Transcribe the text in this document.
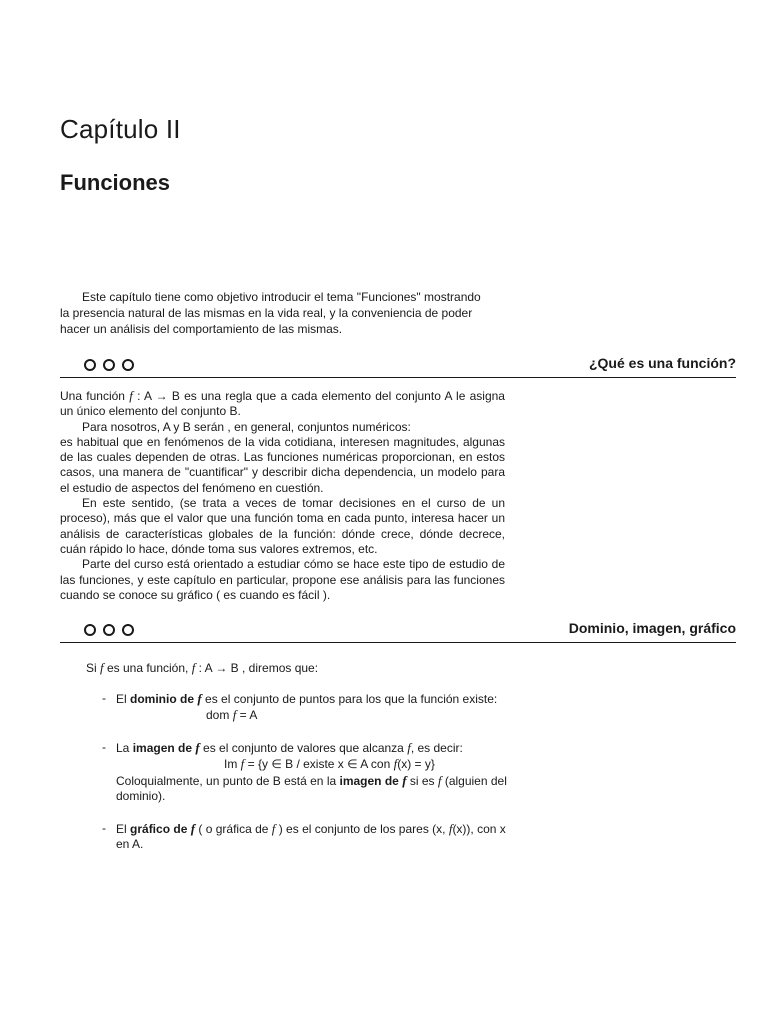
Capítulo II
Funciones
Este capítulo tiene como objetivo introducir el tema "Funciones" mostrando
la presencia natural de las mismas en la vida real, y la conveniencia de poder
hacer un análisis del comportamiento de las mismas.
¿Qué es una función?

Una función f : A → B es una regla que a cada elemento del conjunto A le asigna un único elemento del conjunto B.

Para nosotros, A y B serán , en general, conjuntos numéricos:

es habitual que en fenómenos de la vida cotidiana, interesen magnitudes, algunas de las cuales dependen de otras. Las funciones numéricas proporcionan, en estos casos, una manera de "cuantificar" y describir dicha dependencia, un modelo para el estudio de aspectos del fenómeno en cuestión.

En este sentido, (se trata a veces de tomar decisiones en el curso de un proceso), más que el valor que una función toma en cada punto, interesa hacer un análisis de características globales de la función: dónde crece, dónde decrece, cuán rápido lo hace, dónde toma sus valores extremos, etc.

Parte del curso está orientado a estudiar cómo se hace este tipo de estudio de las funciones, y este capítulo en particular, propone ese análisis para las funciones cuando se conoce su gráfico ( es cuando es fácil ).

Dominio, imagen, gráfico

Si f es una función, f : A → B , diremos que:

- El dominio de f es el conjunto de puntos para los que la función existe:

dom f = A

- La imagen de f es el conjunto de valores que alcanza f, es decir:

Im f = {y ∈ B / existe x ∈ A con f(x) = y}

Coloquialmente, un punto de B está en la imagen de f si es f (alguien del dominio).

- El gráfico de f ( o gráfica de f ) es el conjunto de los pares (x, f(x)), con x en A.
